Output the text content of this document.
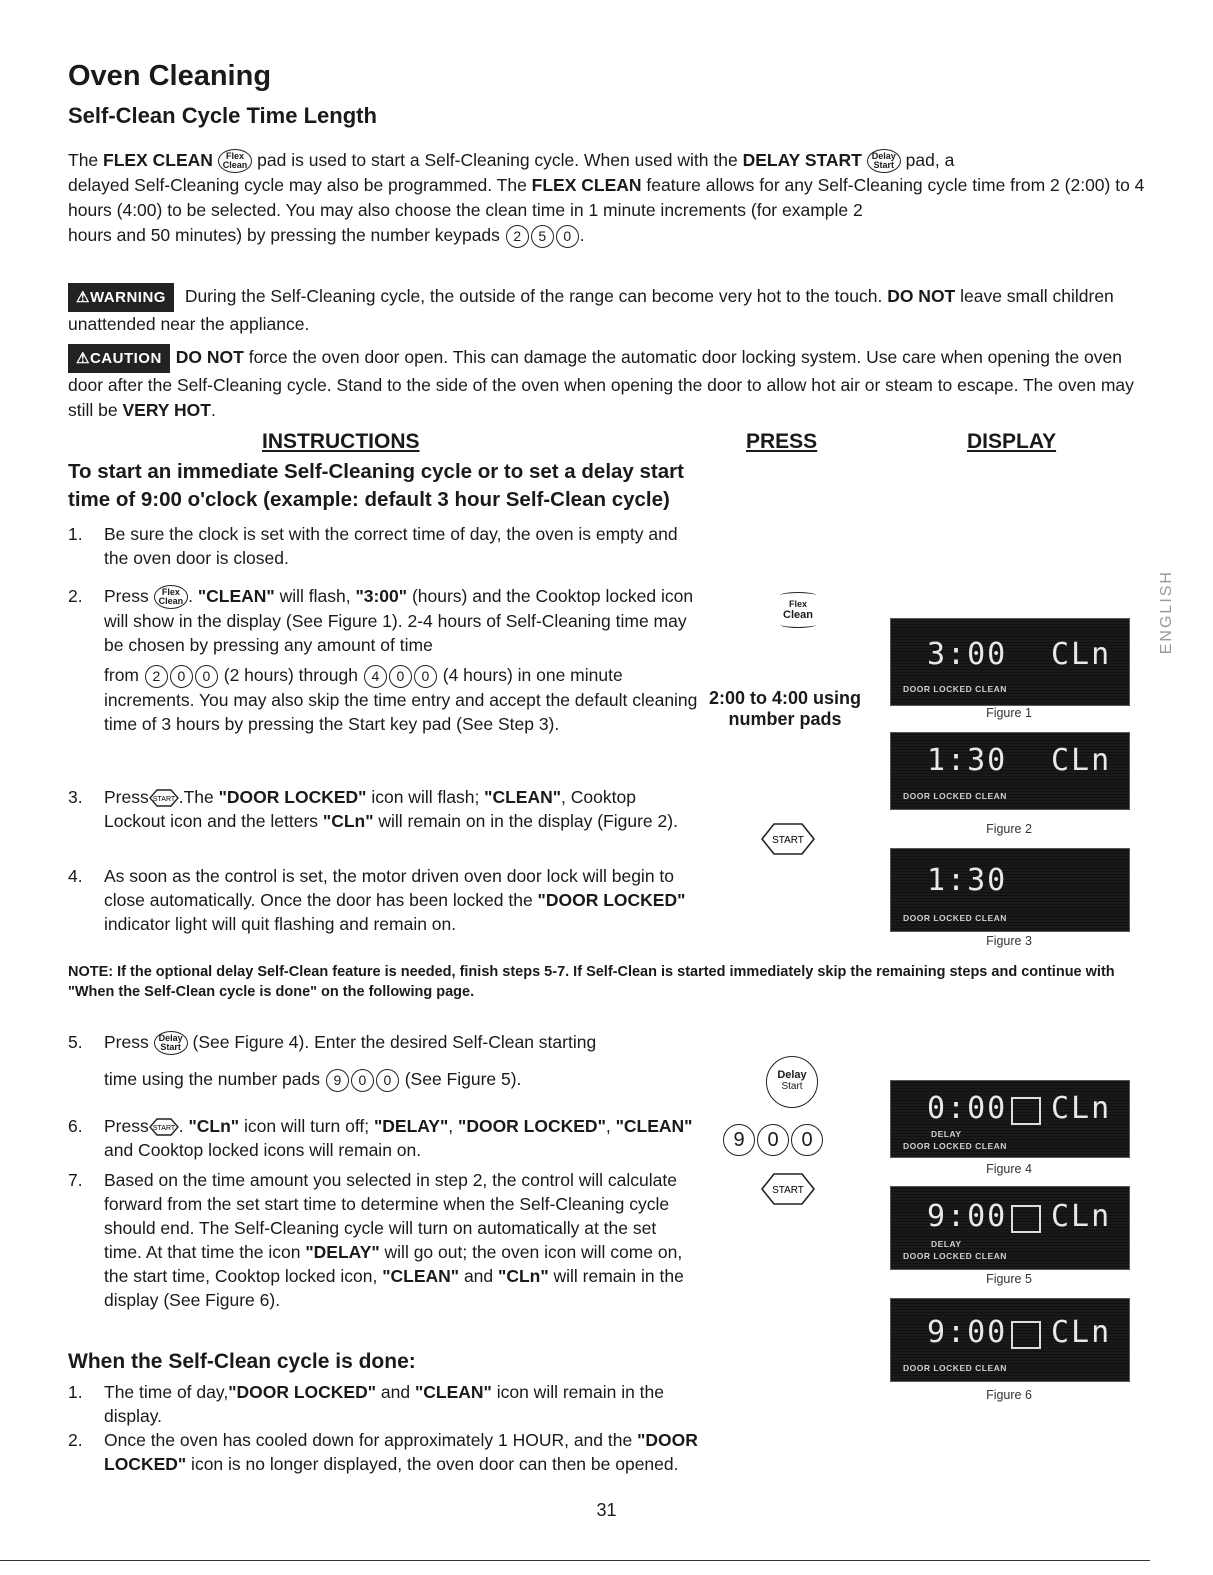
Oven Cleaning
Self-Clean Cycle Time Length
The FLEX CLEAN Flex
Clean pad is used to start a Self-Cleaning cycle. When used with the DELAY START Delay
Start pad, a
delayed Self-Cleaning cycle may also be programmed. The FLEX CLEAN feature allows for any Self-Cleaning cycle time from 2 (2:00) to 4 hours (4:00) to be selected. You may also choose the clean time in 1 minute increments (for example 2
hours and 50 minutes) by pressing the number keypads 2 5 0 .
⚠WARNING During the Self-Cleaning cycle, the outside of the range can become very hot to the touch. DO NOT leave small children unattended near the appliance.
⚠CAUTION DO NOT force the oven door open. This can damage the automatic door locking system. Use care when opening the oven door after the Self-Cleaning cycle. Stand to the side of the oven when opening the door to allow hot air or steam to escape. The oven may still be VERY HOT.
INSTRUCTIONS	PRESS	DISPLAY
To start an immediate Self-Cleaning cycle or to set a delay start
time of 9:00 o'clock (example: default 3 hour Self-Clean cycle)
1. Be sure the clock is set with the correct time of day, the oven is empty and the oven door is closed.
2. Press Flex
Clean . "CLEAN" will flash, "3:00" (hours) and the Cooktop locked icon will show in the display (See Figure 1). 2-4 hours of Self-Cleaning time may be chosen by pressing any amount of time
from 2 0 0 (2 hours) through 4 0 0 (4 hours) in one minute increments. You may also skip the time entry and accept the default cleaning time of 3 hours by pressing the Start key pad (See Step 3).
3. Press START .The "DOOR LOCKED" icon will flash; "CLEAN", Cooktop Lockout icon and the letters "CLn" will remain on in the display (Figure 2).
4. As soon as the control is set, the motor driven oven door lock will begin to close automatically. Once the door has been locked the "DOOR LOCKED" indicator light will quit flashing and remain on.
Flex
Clean
2:00 to 4:00 using
number pads
START
NOTE: If the optional delay Self-Clean feature is needed, finish steps 5-7. If Self-Clean is started immediately skip the remaining steps and continue with "When the Self-Clean cycle is done" on the following page.
5. Press Delay
Start (See Figure 4). Enter the desired Self-Clean starting
time using the number pads 9 0 0 (See Figure 5).
6. Press START . "CLn" icon will turn off; "DELAY", "DOOR LOCKED", "CLEAN" and Cooktop locked icons will remain on.
7. Based on the time amount you selected in step 2, the control will calculate forward from the set start time to determine when the Self-Cleaning cycle should end. The Self-Cleaning cycle will turn on automatically at the set time. At that time the icon "DELAY" will go out; the oven icon will come on, the start time, Cooktop locked icon, "CLEAN" and "CLn" will remain in the display (See Figure 6).
Delay
Start
9 0 0
START
When the Self-Clean cycle is done:
1. The time of day,"DOOR LOCKED" and "CLEAN" icon will remain in the display.
2. Once the oven has cooled down for approximately 1 HOUR, and the "DOOR LOCKED" icon is no longer displayed, the oven door can then be opened.
3:00 CLn
DOOR LOCKED CLEAN
Figure 1
1:30 CLn
DOOR LOCKED CLEAN
Figure 2
1:30
DOOR LOCKED CLEAN
Figure 3
0:00 CLn
DELAY
DOOR LOCKED CLEAN
Figure 4
9:00 CLn
DELAY
DOOR LOCKED CLEAN
Figure 5
9:00 CLn
DOOR LOCKED CLEAN
Figure 6
ENGLISH
31
